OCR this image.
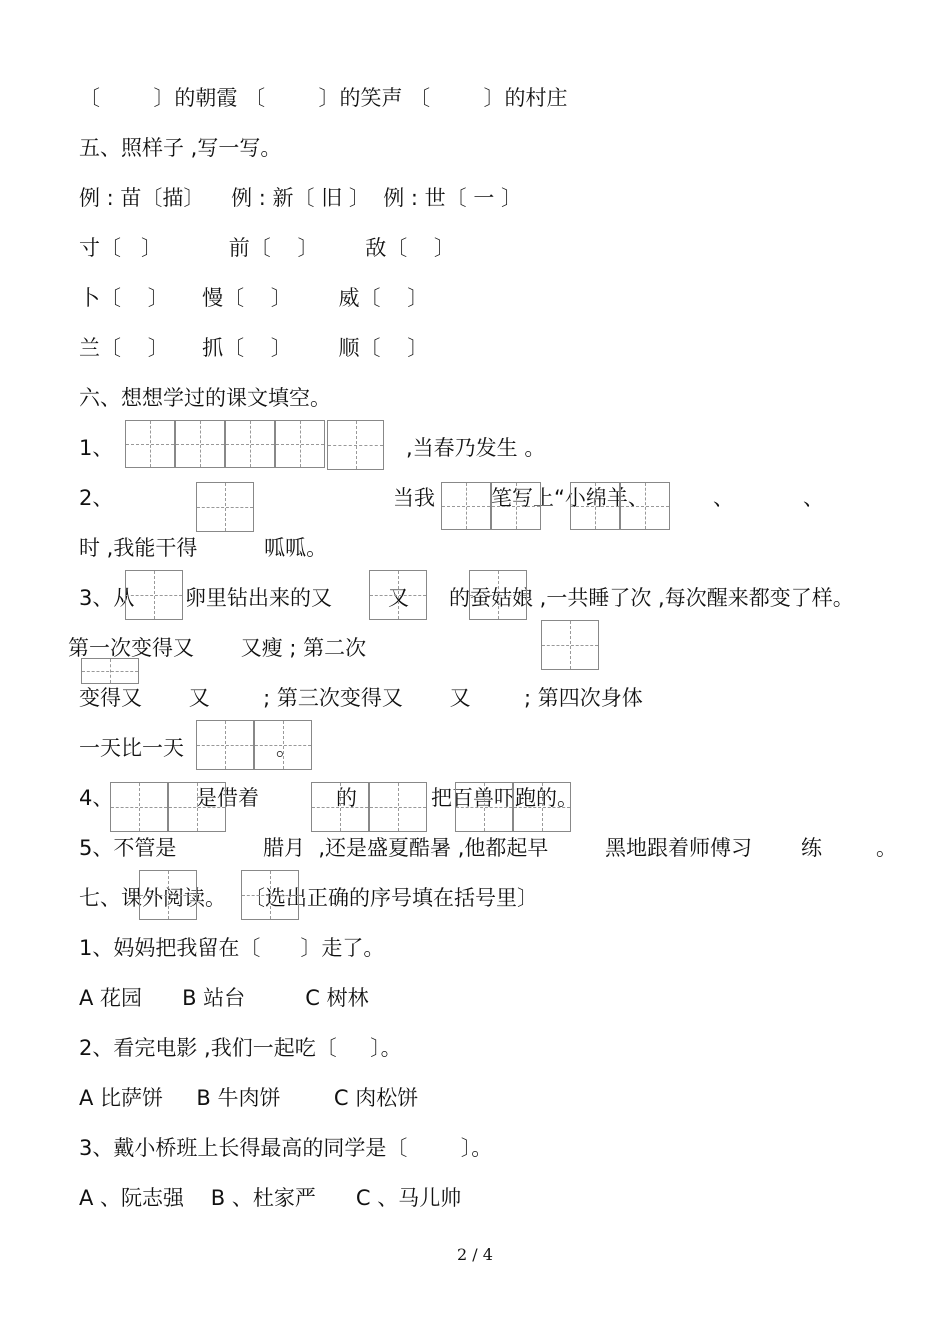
〔        〕的朝霞 〔        〕的笑声 〔        〕的村庄
五、照样子 ,写一写。
例 : 苗〔描〕    例 : 新〔 旧 〕  例 : 世〔 一 〕
寸〔   〕          前〔    〕       敌〔    〕
卜〔    〕     慢〔    〕       威〔    〕
兰〔    〕     抓〔    〕       顺〔    〕
六、想想学过的课文填空。
1、	,当春乃发生 。
2、	当我	笔写上“小绵羊、	、	、
时 ,我能干得          呱呱。
3、从 卵里钻出来的又	又 的蚕姑娘 ,一共睡了次 ,每次醒来都变了样。
第一次变得又       又瘦 ; 第二次
变得又       又        ; 第三次变得又       又        ; 第四次身体
一天比一天	。
4、	是借着	的	把百兽吓跑的。
5、不管是	腊月  ,还是盛夏酷暑 ,他都起早	黑地跟着师傅习 练	。
七、课外阅读。 〔选出正确的序号填在括号里〕
1、妈妈把我留在〔      〕走了。
A 花园      B 站台         C 树林
2、看完电影 ,我们一起吃〔     〕。
A 比萨饼     B 牛肉饼        C 肉松饼
3、戴小桥班上长得最高的同学是〔        〕。
A 、阮志强    B 、杜家严      C 、马儿帅
2 / 4
